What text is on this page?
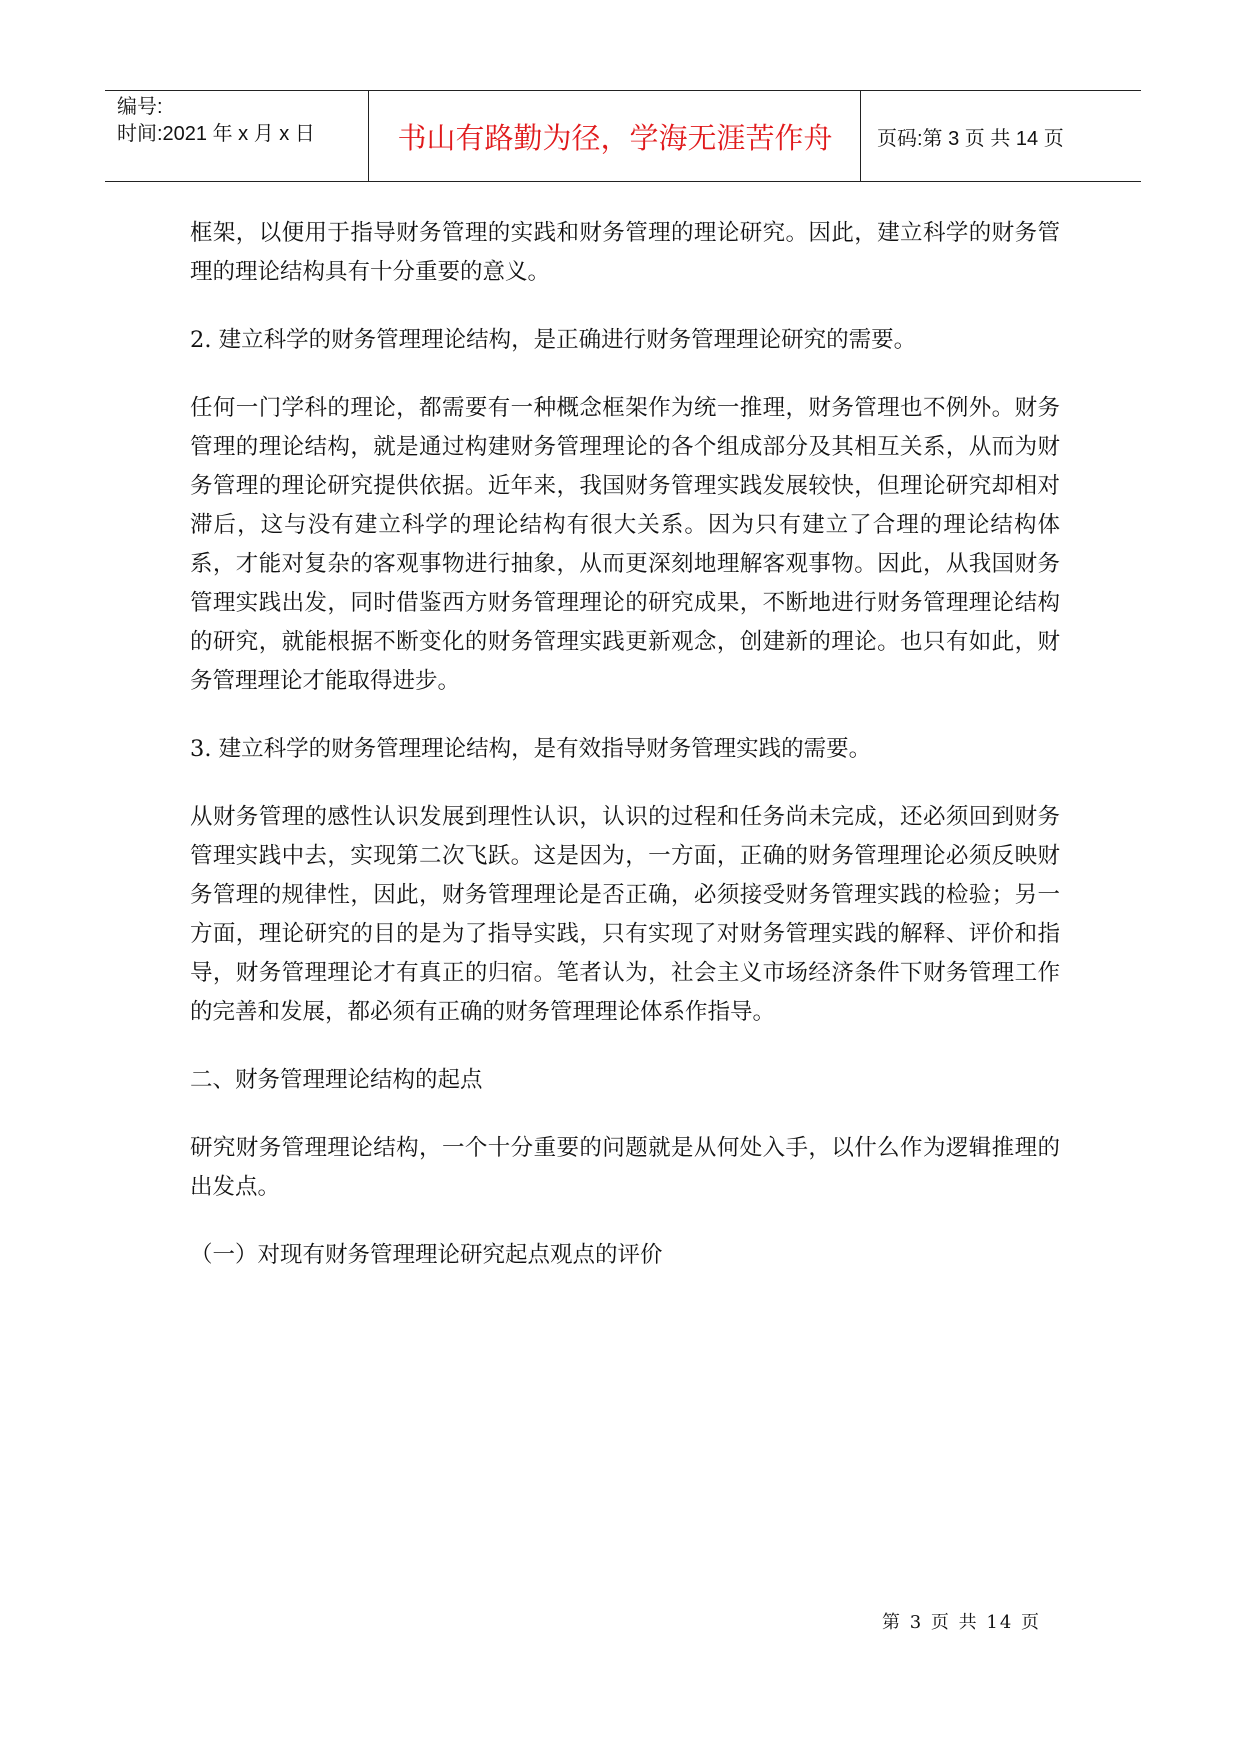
编号:
时间:2021 年 x 月 x 日	书山有路勤为径，学海无涯苦作舟	页码:第 3 页 共 14 页

框架，以便用于指导财务管理的实践和财务管理的理论研究。因此，建立科学的财务管理的理论结构具有十分重要的意义。

2. 建立科学的财务管理理论结构，是正确进行财务管理理论研究的需要。

任何一门学科的理论，都需要有一种概念框架作为统一推理，财务管理也不例外。财务管理的理论结构，就是通过构建财务管理理论的各个组成部分及其相互关系，从而为财务管理的理论研究提供依据。近年来，我国财务管理实践发展较快，但理论研究却相对滞后，这与没有建立科学的理论结构有很大关系。因为只有建立了合理的理论结构体系，才能对复杂的客观事物进行抽象，从而更深刻地理解客观事物。因此，从我国财务管理实践出发，同时借鉴西方财务管理理论的研究成果，不断地进行财务管理理论结构的研究，就能根据不断变化的财务管理实践更新观念，创建新的理论。也只有如此，财务管理理论才能取得进步。

3. 建立科学的财务管理理论结构，是有效指导财务管理实践的需要。

从财务管理的感性认识发展到理性认识，认识的过程和任务尚未完成，还必须回到财务管理实践中去，实现第二次飞跃。这是因为，一方面，正确的财务管理理论必须反映财务管理的规律性，因此，财务管理理论是否正确，必须接受财务管理实践的检验；另一方面，理论研究的目的是为了指导实践，只有实现了对财务管理实践的解释、评价和指导，财务管理理论才有真正的归宿。笔者认为，社会主义市场经济条件下财务管理工作的完善和发展，都必须有正确的财务管理理论体系作指导。

二、财务管理理论结构的起点

研究财务管理理论结构，一个十分重要的问题就是从何处入手，以什么作为逻辑推理的出发点。

（一）对现有财务管理理论研究起点观点的评价

第 3 页 共 14 页
